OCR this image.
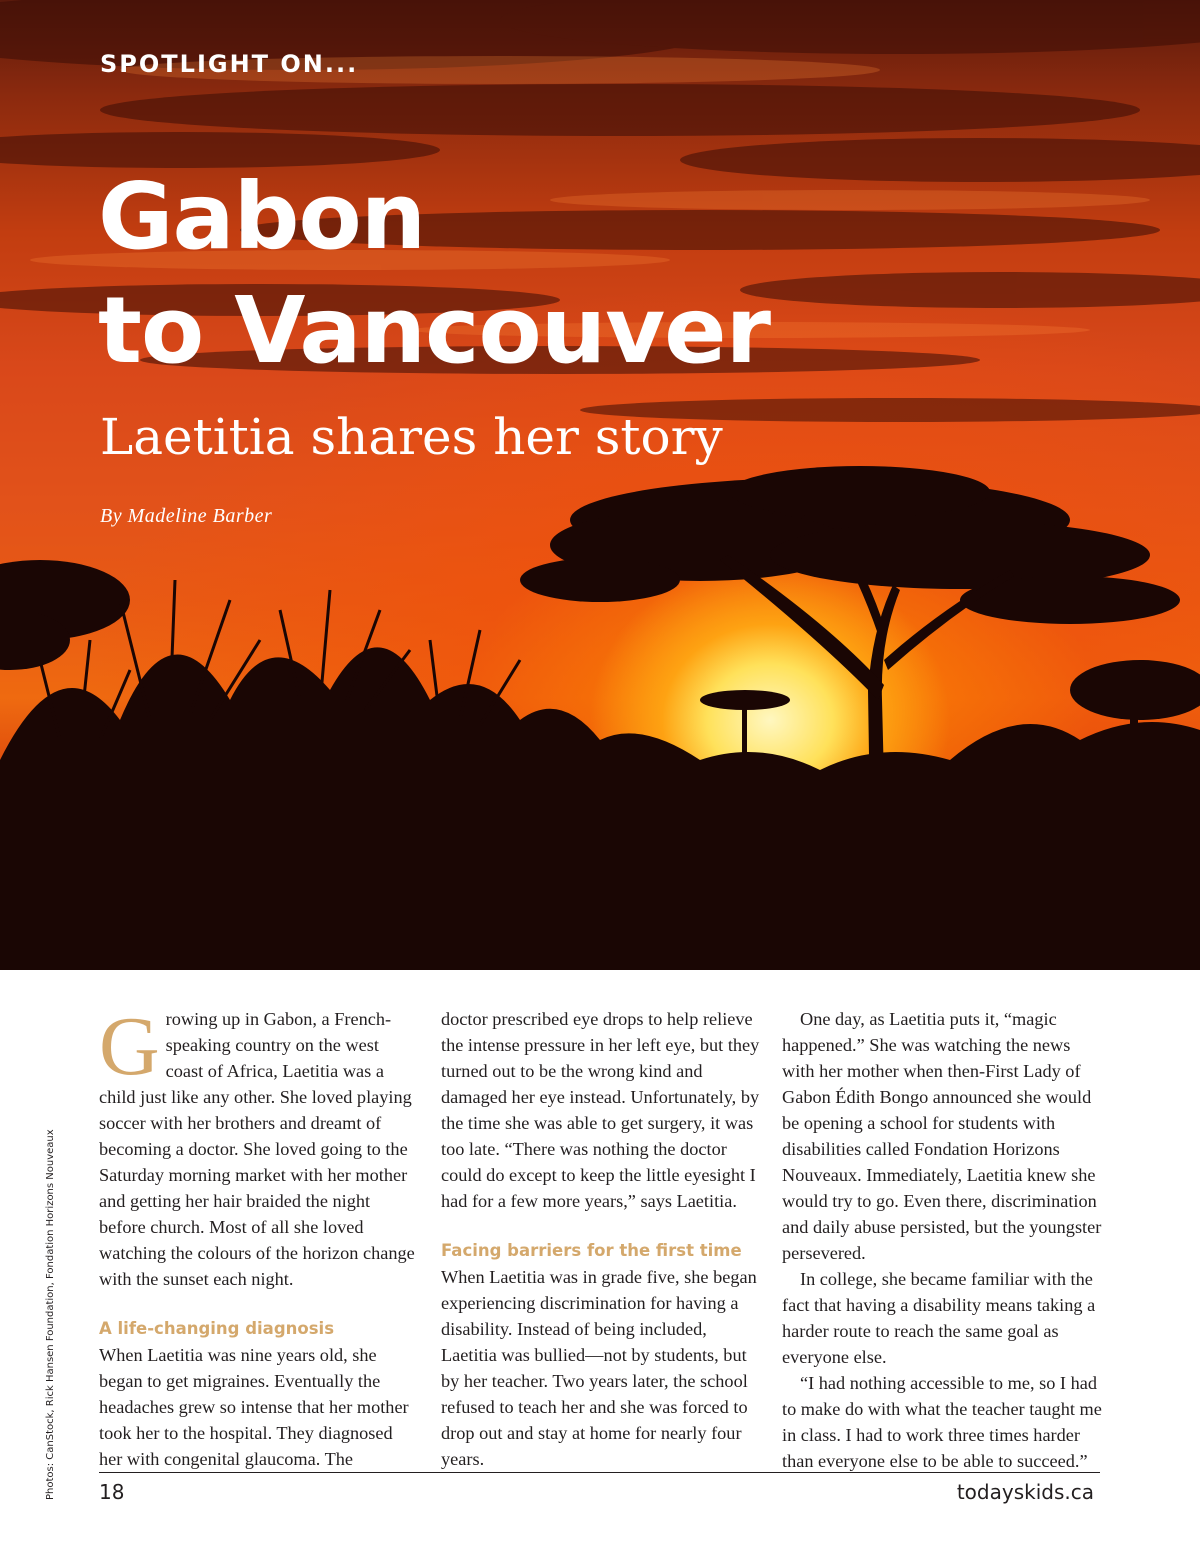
SPOTLIGHT ON...
Gabon
to Vancouver
Laetitia shares her story
By Madeline Barber
Photos: CanStock, Rick Hansen Foundation, Fondation Horizons Nouveaux

Growing up in Gabon, a French-speaking country on the west coast of Africa, Laetitia was a child just like any other. She loved playing soccer with her brothers and dreamt of becoming a doctor. She loved going to the Saturday morning market with her mother and getting her hair braided the night before church. Most of all she loved watching the colours of the horizon change with the sunset each night.

A life-changing diagnosis

When Laetitia was nine years old, she began to get migraines. Eventually the headaches grew so intense that her mother took her to the hospital. They diagnosed her with congenital glaucoma. The

doctor prescribed eye drops to help relieve the intense pressure in her left eye, but they turned out to be the wrong kind and damaged her eye instead. Unfortunately, by the time she was able to get surgery, it was too late. “There was nothing the doctor could do except to keep the little eyesight I had for a few more years,” says Laetitia.

Facing barriers for the first time

When Laetitia was in grade five, she began experiencing discrimination for having a disability. Instead of being included, Laetitia was bullied—not by students, but by her teacher. Two years later, the school refused to teach her and she was forced to drop out and stay at home for nearly four years.

One day, as Laetitia puts it, “magic happened.” She was watching the news with her mother when then-First Lady of Gabon Édith Bongo announced she would be opening a school for students with disabilities called Fondation Horizons Nouveaux. Immediately, Laetitia knew she would try to go. Even there, discrimination and daily abuse persisted, but the youngster persevered.

In college, she became familiar with the fact that having a disability means taking a harder route to reach the same goal as everyone else.

“I had nothing accessible to me, so I had to make do with what the teacher taught me in class. I had to work three times harder than everyone else to be able to succeed.”

18	todayskids.ca
